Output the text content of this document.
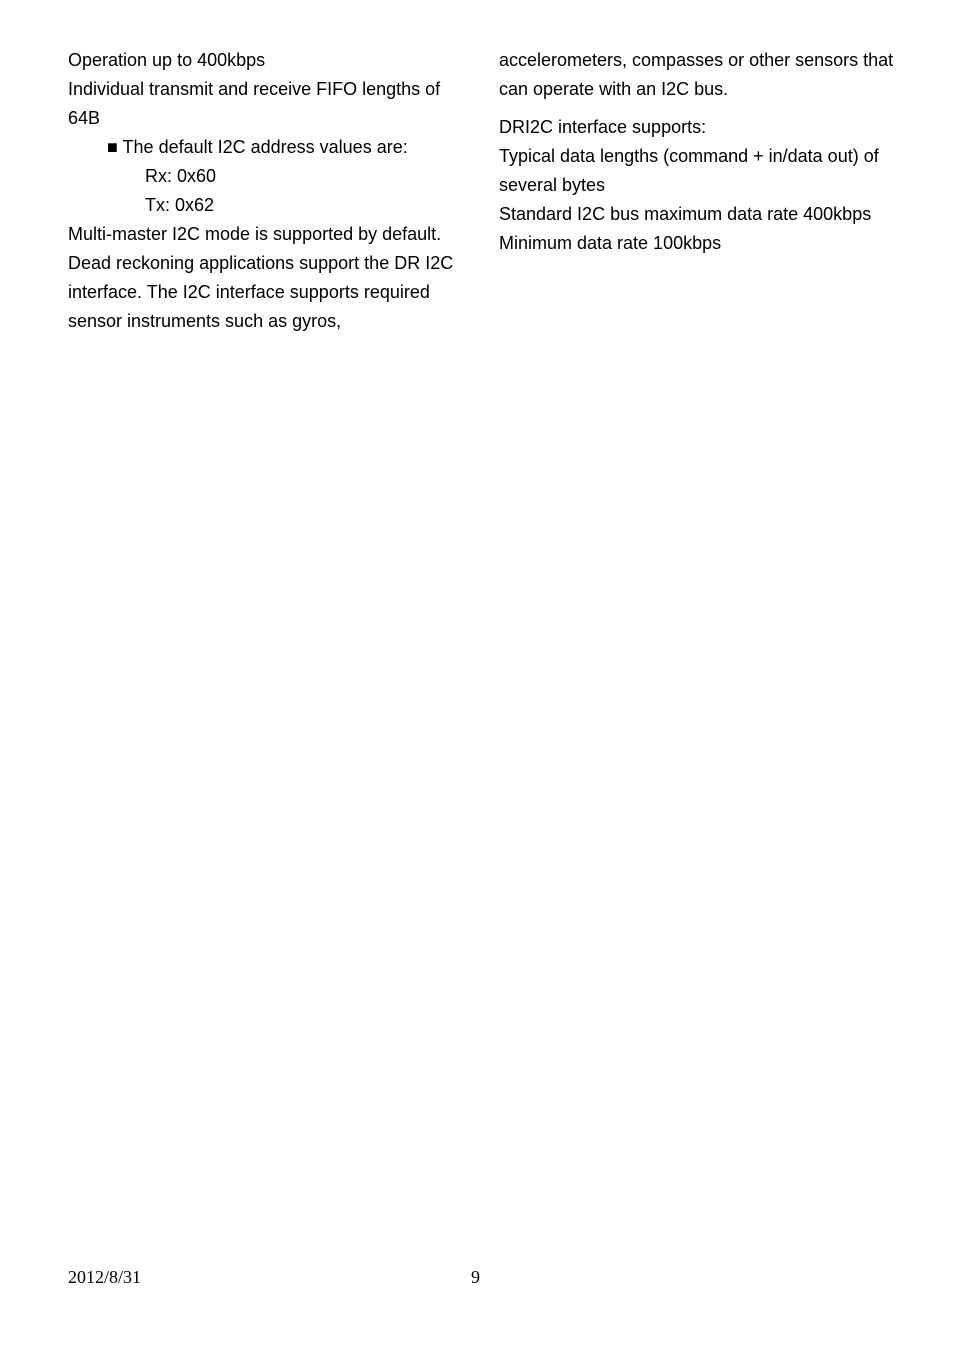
Operation up to 400kbps
Individual transmit and receive FIFO lengths of 64B
■ The default I2C address values are:
Rx: 0x60
Tx: 0x62
Multi-master I2C mode is supported by default.
Dead reckoning applications support the DR I2C interface. The I2C interface supports required sensor instruments such as gyros,
accelerometers, compasses or other sensors that can operate with an I2C bus.
DRI2C interface supports:
Typical data lengths (command + in/data out) of several bytes
Standard I2C bus maximum data rate 400kbps
Minimum data rate 100kbps
2012/8/31	9
